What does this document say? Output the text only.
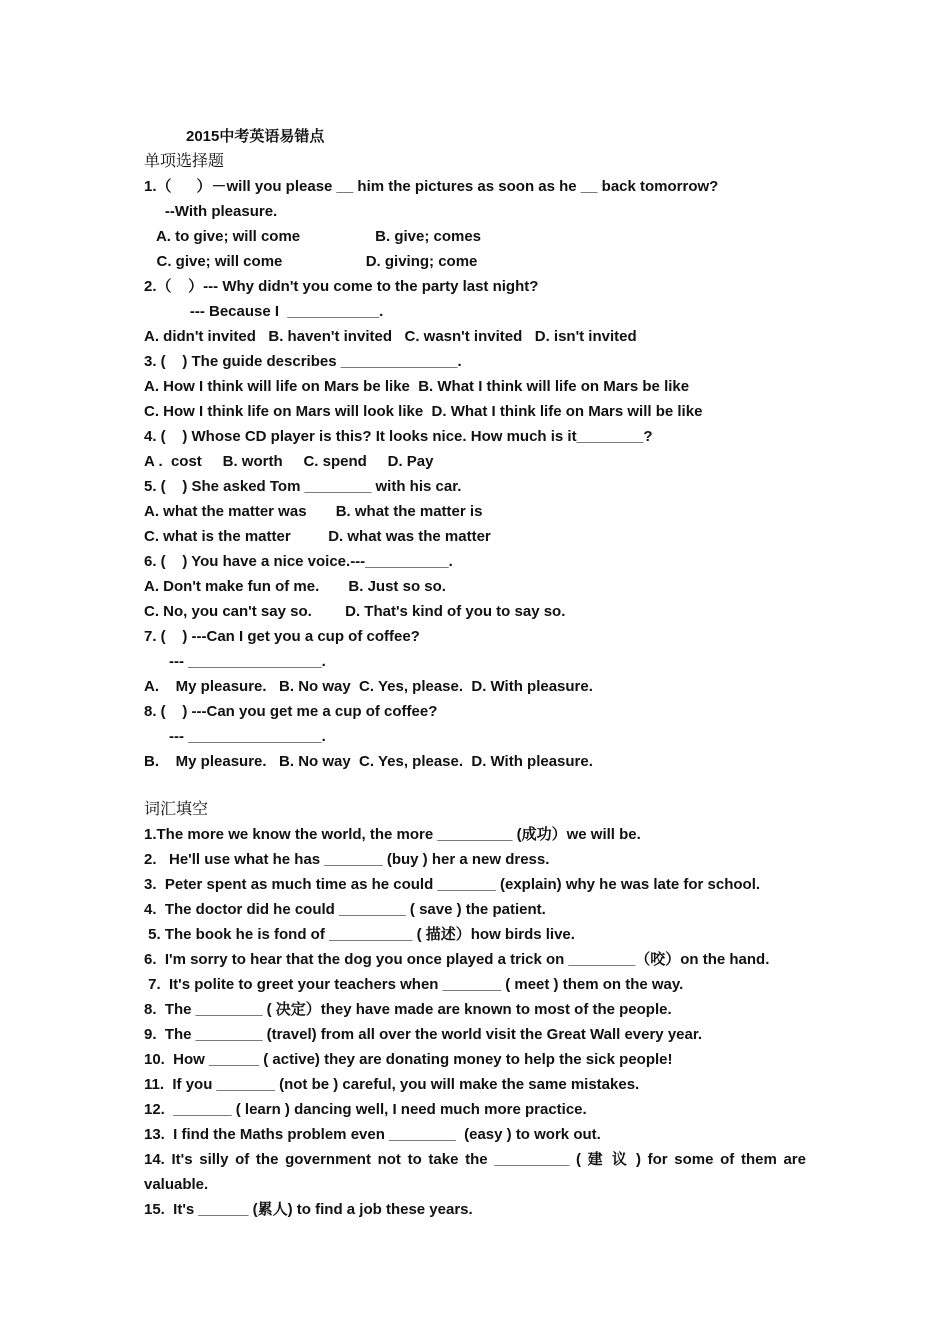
2015中考英语易错点
单项选择题
1.（      ）－will you please __ him the pictures as soon as he __ back tomorrow?
--With pleasure.
A. to give; will come                  B. give; comes
C. give; will come                    D. giving; come
2.（    ）--- Why didn't you come to the party last night?
--- Because I  ___________.
A. didn't invited   B. haven't invited   C. wasn't invited   D. isn't invited
3. (    ) The guide describes ______________.
A. How I think will life on Mars be like  B. What I think will life on Mars be like
C. How I think life on Mars will look like  D. What I think life on Mars will be like
4. (    ) Whose CD player is this? It looks nice. How much is it________?
A .  cost     B. worth     C. spend     D. Pay
5. (    ) She asked Tom ________ with his car.
A. what the matter was       B. what the matter is
C. what is the matter         D. what was the matter
6. (    ) You have a nice voice.---__________.
A. Don't make fun of me.       B. Just so so.
C. No, you can't say so.        D. That's kind of you to say so.
7. (    ) ---Can I get you a cup of coffee?
--- ________________.
A.    My pleasure.   B. No way  C. Yes, please.  D. With pleasure.
8. (    ) ---Can you get me a cup of coffee?
--- ________________.
B.    My pleasure.   B. No way  C. Yes, please.  D. With pleasure.
词汇填空
1.The more we know the world, the more _________ (成功）we will be.
2.   He'll use what he has _______ (buy ) her a new dress.
3.  Peter spent as much time as he could _______ (explain) why he was late for school.
4.  The doctor did he could ________ ( save ) the patient.
5. The book he is fond of __________ ( 描述）how birds live.
6.  I'm sorry to hear that the dog you once played a trick on ________（咬）on the hand.
7.  It's polite to greet your teachers when _______ ( meet ) them on the way.
8.  The ________ ( 决定）they have made are known to most of the people.
9.  The ________ (travel) from all over the world visit the Great Wall every year.
10.  How ______ ( active) they are donating money to help the sick people!
11.  If you _______ (not be ) careful, you will make the same mistakes.
12.  _______ ( learn ) dancing well, I need much more practice.
13.  I find the Maths problem even ________  (easy ) to work out.
14. It's silly of the government not to take the _________ ( 建 议 ) for some of them are
valuable.
15.  It's ______ (累人) to find a job these years.
